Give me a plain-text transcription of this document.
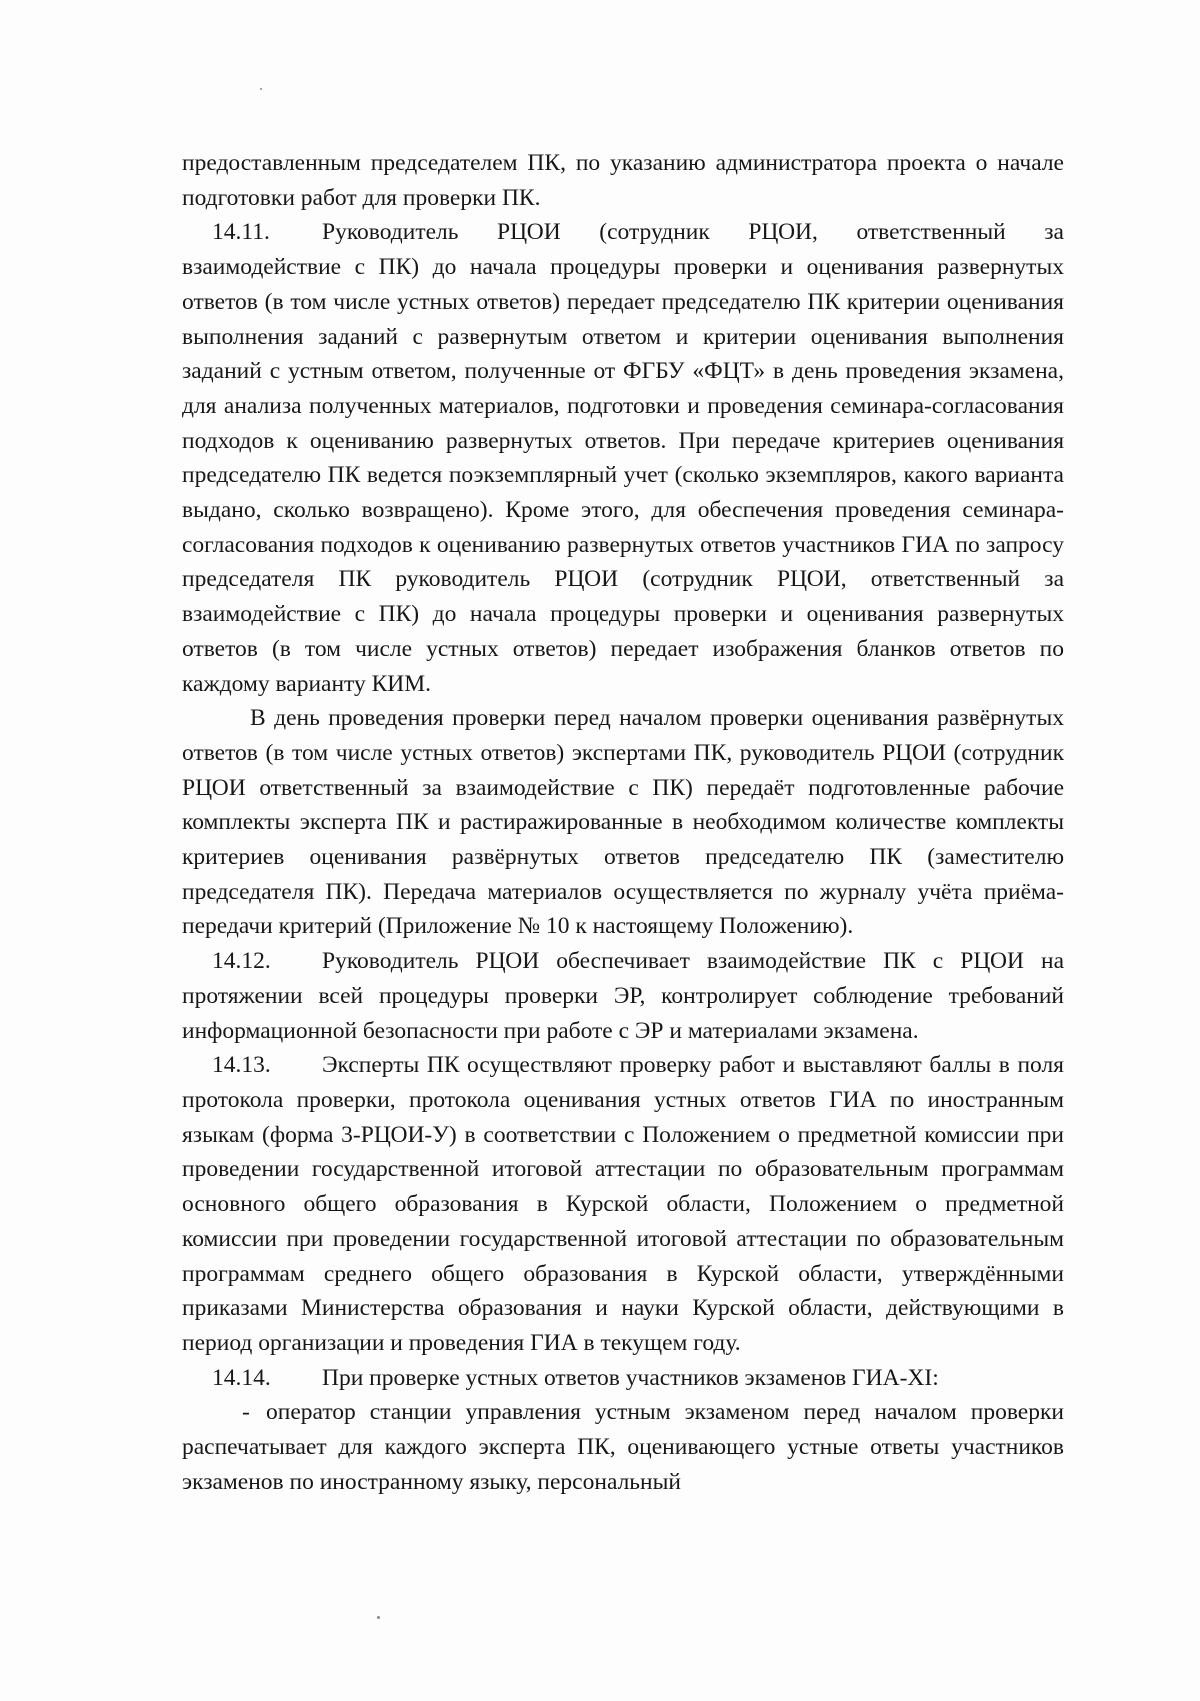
предоставленным председателем ПК, по указанию администратора проекта о начале подготовки работ для проверки ПК.

14.11. Руководитель РЦОИ (сотрудник РЦОИ, ответственный за взаимодействие с ПК) до начала процедуры проверки и оценивания развернутых ответов (в том числе устных ответов) передает председателю ПК критерии оценивания выполнения заданий с развернутым ответом и критерии оценивания выполнения заданий с устным ответом, полученные от ФГБУ «ФЦТ» в день проведения экзамена, для анализа полученных материалов, подготовки и проведения семинара-согласования подходов к оцениванию развернутых ответов. При передаче критериев оценивания председателю ПК ведется поэкземплярный учет (сколько экземпляров, какого варианта выдано, сколько возвращено). Кроме этого, для обеспечения проведения семинара-согласования подходов к оцениванию развернутых ответов участников ГИА по запросу председателя ПК руководитель РЦОИ (сотрудник РЦОИ, ответственный за взаимодействие с ПК) до начала процедуры проверки и оценивания развернутых ответов (в том числе устных ответов) передает изображения бланков ответов по каждому варианту КИМ.

В день проведения проверки перед началом проверки оценивания развёрнутых ответов (в том числе устных ответов) экспертами ПК, руководитель РЦОИ (сотрудник РЦОИ ответственный за взаимодействие с ПК) передаёт подготовленные рабочие комплекты эксперта ПК и растиражированные в необходимом количестве комплекты критериев оценивания развёрнутых ответов председателю ПК (заместителю председателя ПК). Передача материалов осуществляется по журналу учёта приёма-передачи критерий (Приложение № 10 к настоящему Положению).

14.12. Руководитель РЦОИ обеспечивает взаимодействие ПК с РЦОИ на протяжении всей процедуры проверки ЭР, контролирует соблюдение требований информационной безопасности при работе с ЭР и материалами экзамена.

14.13. Эксперты ПК осуществляют проверку работ и выставляют баллы в поля протокола проверки, протокола оценивания устных ответов ГИА по иностранным языкам (форма 3-РЦОИ-У) в соответствии с Положением о предметной комиссии при проведении государственной итоговой аттестации по образовательным программам основного общего образования в Курской области, Положением о предметной комиссии при проведении государственной итоговой аттестации по образовательным программам среднего общего образования в Курской области, утверждёнными приказами Министерства образования и науки Курской области, действующими в период организации и проведения ГИА в текущем году.

14.14. При проверке устных ответов участников экзаменов ГИА-XI:

- оператор станции управления устным экзаменом перед началом проверки распечатывает для каждого эксперта ПК, оценивающего устные ответы участников экзаменов по иностранному языку, персональный
